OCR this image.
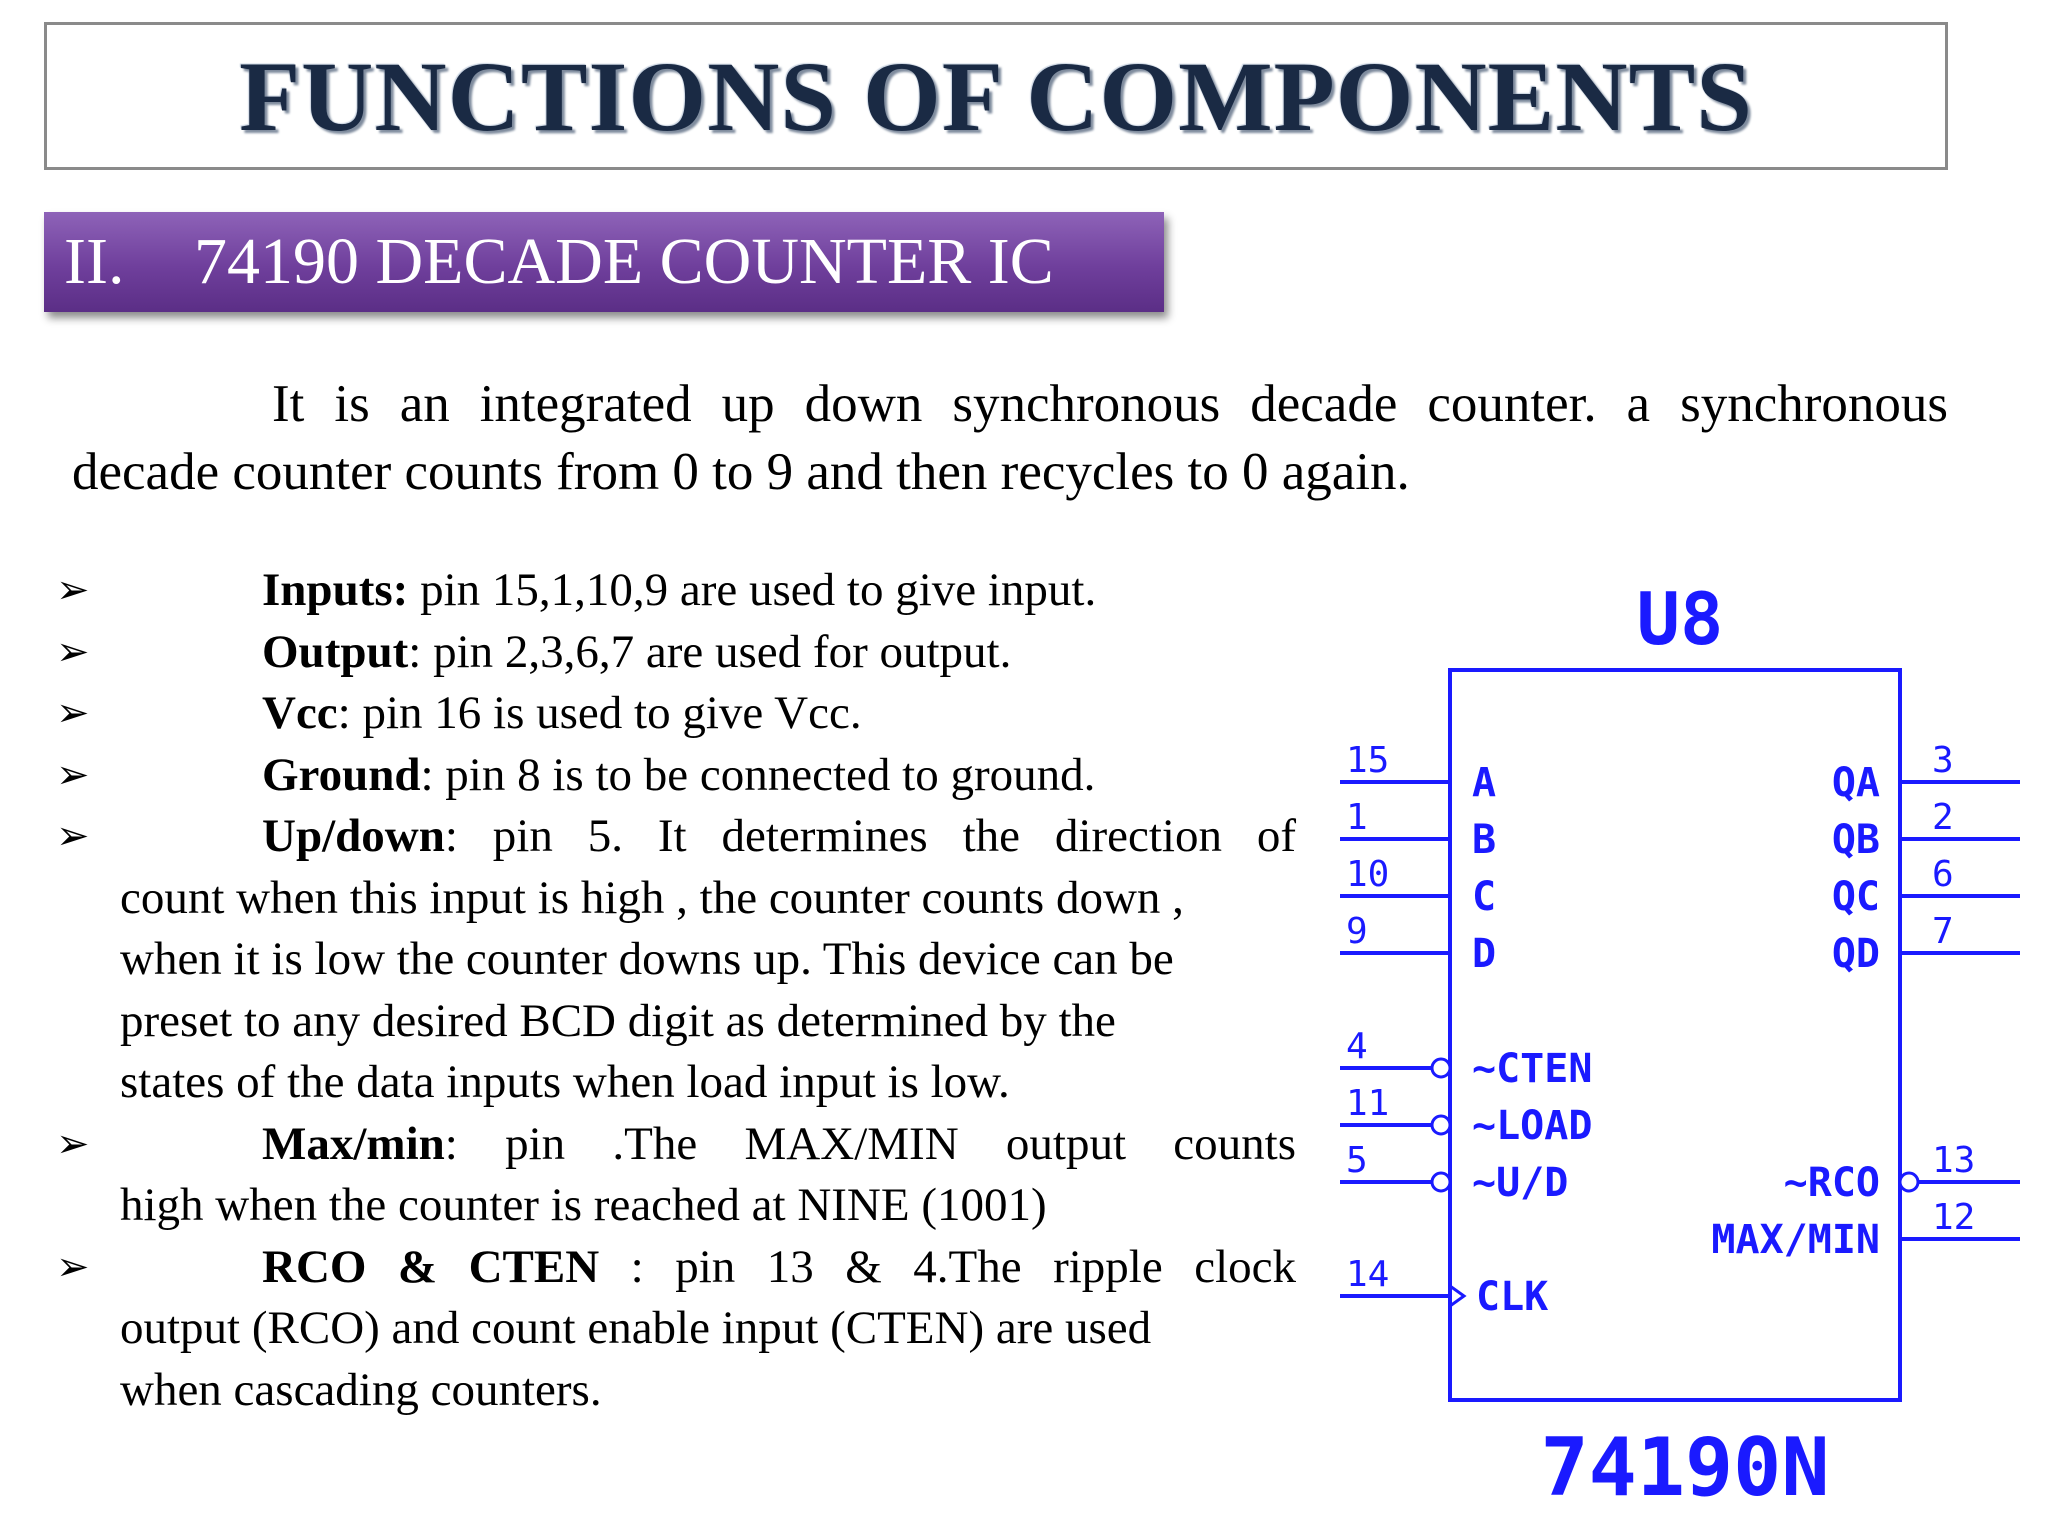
FUNCTIONS OF COMPONENTS
II.	74190 DECADE COUNTER IC
It is an integrated up down synchronous decade counter. a synchronous
decade counter counts from 0 to 9 and then recycles to 0 again.
➢	Inputs: pin 15,1,10,9 are used to give input.
➢	Output: pin 2,3,6,7 are used for output.
➢	Vcc: pin 16 is used to give Vcc.
➢	Ground: pin 8 is to be connected to ground.
➢	Up/down: pin 5. It determines the direction of
count when this input is high , the counter counts down ,
when it is low the counter downs up. This device can be
preset to any desired BCD digit as determined by the
states of the data inputs when load input is low.
➢	Max/min: pin .The MAX/MIN output counts
high when the counter is reached at NINE (1001)
➢	RCO & CTEN : pin 13 & 4.The ripple clock
output (RCO) and count enable input (CTEN) are used
when cascading counters.
U8
15 A
1	B
10 C
9	D
4	~CTEN
11 ~LOAD
5	~U/D
14 CLK
3
QA
2
QB
6
QC
7
QD
13
~RCO
12
MAX/MIN
74190N
